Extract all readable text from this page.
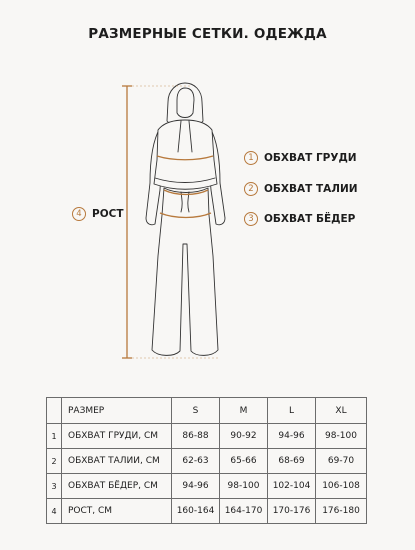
РАЗМЕРНЫЕ СЕТКИ. ОДЕЖДА
1 ОБХВАТ ГРУДИ
2 ОБХВАТ ТАЛИИ
3 ОБХВАТ БЁДЕР
4 РОСТ
	РАЗМЕР	S	M	L	XL
1	ОБХВАТ ГРУДИ, СМ	86-88	90-92	94-96	98-100
2	ОБХВАТ ТАЛИИ, СМ	62-63	65-66	68-69	69-70
3	ОБХВАТ БЁДЕР, СМ	94-96	98-100	102-104	106-108
4	РОСТ, СМ	160-164	164-170	170-176	176-180
